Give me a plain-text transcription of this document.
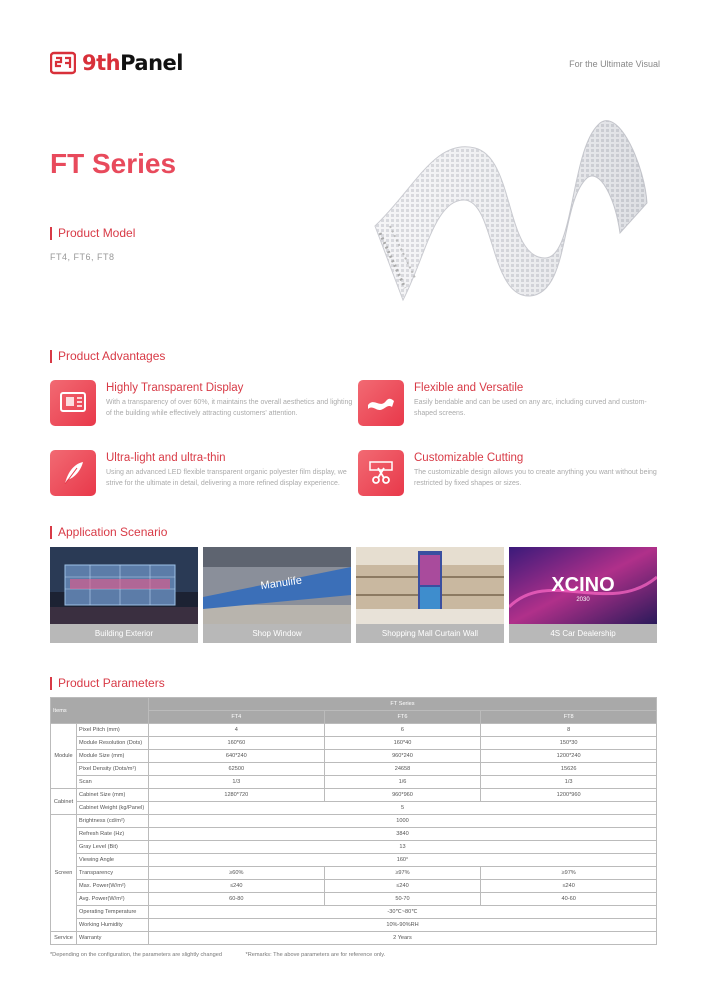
9thPanel	For the Ultimate Visual
FT Series
Product Model
FT4, FT6, FT8
Product Advantages
Highly Transparent Display
With a transparency of over 60%, it maintains the overall aesthetics and lighting of the building while effectively attracting customers' attention.
Flexible and Versatile
Easily bendable and can be used on any arc, including curved and custom-shaped screens.
Ultra-light and ultra-thin
Using an advanced LED flexible transparent organic polyester film display, we strive for the ultimate in detail, delivering a more refined display experience.
Customizable Cutting
The customizable design allows you to create anything you want without being restricted by fixed shapes or sizes.
Application Scenario
Building Exterior
Manulife
Shop Window	Shopping Mall Curtain Wall
XCINO
2030
4S Car Dealership
Product Parameters
Items		FT Series		
		FT4	FT6	FT8
Module	Pixel Pitch (mm)	4	6	8
	Module Resolution (Dots)	160*60	160*40	150*30
	Module Size (mm)	640*240	960*240	1200*240
	Pixel Density (Dots/m²)	62500	24658	15626
	Scan	1/3	1/6	1/3
Cabinet	Cabinet Size (mm)	1280*720	960*960	1200*960
	Cabinet Weight (kg/Panel)	5		
Screen	Brightness (cd/m²)	1000		
	Refresh Rate (Hz)	3840		
	Gray Level (Bit)	13		
	Viewing Angle	160°		
	Transparency	≥60%	≥97%	≥97%
	Max. Power(W/m²)	≤240	≤240	≤240
	Avg. Power(W/m²)	60-80	50-70	40-60
	Operating Temperature	-30℃~80℃		
	Working Humidity	10%-90%RH		
Service	Warranty	2 Years		
*Depending on the configuration, the parameters are slightly changed	*Remarks: The above parameters are for reference only.
